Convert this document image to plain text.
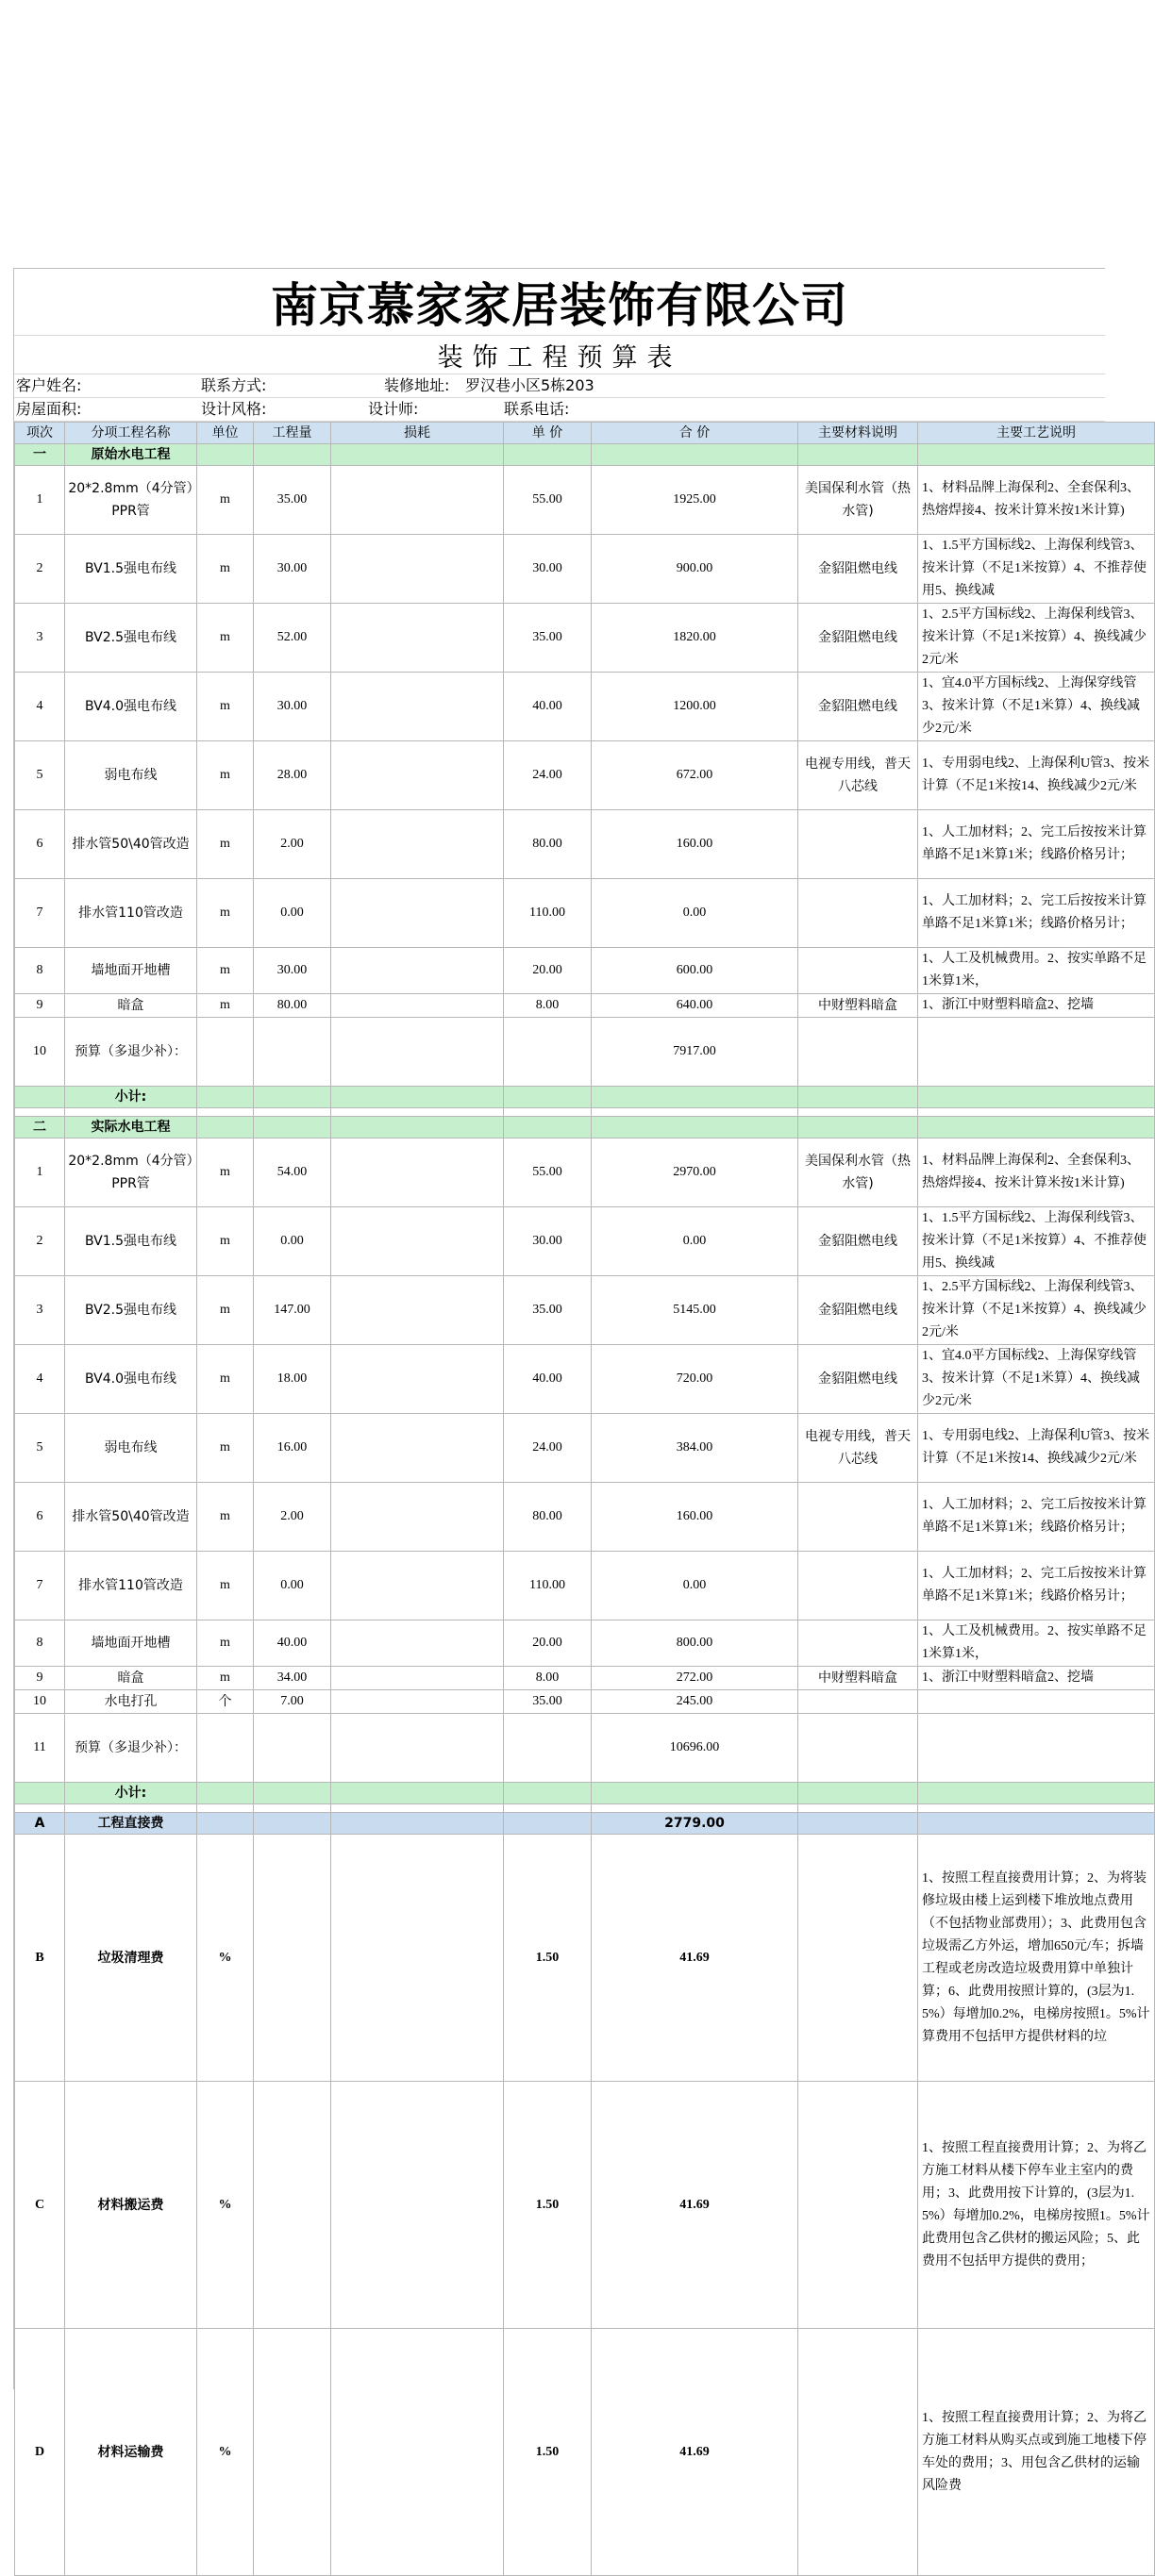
南京慕家家居装饰有限公司
装饰工程预算表
客户姓名:	联系方式:	装修地址: 罗汉巷小区5栋203
房屋面积:	设计风格:	设计师:	联系电话:
项次	分项工程名称	单位	工程量	损耗	单 价	合 价	主要材料说明	主要工艺说明
一	原始水电工程							
1	20*2.8mm（4分管）PPR管	m	35.00		55.00	1925.00	美国保利水管（热水管)	1、材料品牌上海保利2、全套保利3、热熔焊接4、按米计算米按1米计算)
2	BV1.5强电布线	m	30.00		30.00	900.00	金貂阻燃电线	1、1.5平方国标线2、上海保利线管3、按米计算（不足1米按算）4、不推荐使用5、换线减
3	BV2.5强电布线	m	52.00		35.00	1820.00	金貂阻燃电线	1、2.5平方国标线2、上海保利线管3、按米计算（不足1米按算）4、换线减少2元/米
4	BV4.0强电布线	m	30.00		40.00	1200.00	金貂阻燃电线	1、宜4.0平方国标线2、上海保穿线管3、按米计算（不足1米算）4、换线减少2元/米
5	弱电布线	m	28.00		24.00	672.00	电视专用线，普天八芯线	1、专用弱电线2、上海保利U管3、按米计算（不足1米按14、换线减少2元/米
6	排水管50\40管改造	m	2.00		80.00	160.00		1、人工加材料；2、完工后按按米计算单路不足1米算1米；线路价格另计；
7	排水管110管改造	m	0.00		110.00	0.00		1、人工加材料；2、完工后按按米计算单路不足1米算1米；线路价格另计；
8	墙地面开地槽	m	30.00		20.00	600.00		1、人工及机械费用。2、按实单路不足1米算1米，
9	暗盒	m	80.00		8.00	640.00	中财塑料暗盒	1、浙江中财塑料暗盒2、挖墙
10	预算（多退少补）：					7917.00		
	小计:							

二	实际水电工程							
1	20*2.8mm（4分管）PPR管	m	54.00		55.00	2970.00	美国保利水管（热水管)	1、材料品牌上海保利2、全套保利3、热熔焊接4、按米计算米按1米计算)
2	BV1.5强电布线	m	0.00		30.00	0.00	金貂阻燃电线	1、1.5平方国标线2、上海保利线管3、按米计算（不足1米按算）4、不推荐使用5、换线减
3	BV2.5强电布线	m	147.00		35.00	5145.00	金貂阻燃电线	1、2.5平方国标线2、上海保利线管3、按米计算（不足1米按算）4、换线减少2元/米
4	BV4.0强电布线	m	18.00		40.00	720.00	金貂阻燃电线	1、宜4.0平方国标线2、上海保穿线管3、按米计算（不足1米算）4、换线减少2元/米
5	弱电布线	m	16.00		24.00	384.00	电视专用线，普天八芯线	1、专用弱电线2、上海保利U管3、按米计算（不足1米按14、换线减少2元/米
6	排水管50\40管改造	m	2.00		80.00	160.00		1、人工加材料；2、完工后按按米计算单路不足1米算1米；线路价格另计；
7	排水管110管改造	m	0.00		110.00	0.00		1、人工加材料；2、完工后按按米计算单路不足1米算1米；线路价格另计；
8	墙地面开地槽	m	40.00		20.00	800.00		1、人工及机械费用。2、按实单路不足1米算1米，
9	暗盒	m	34.00		8.00	272.00	中财塑料暗盒	1、浙江中财塑料暗盒2、挖墙
10	水电打孔	个	7.00		35.00	245.00		
11	预算（多退少补）：					10696.00		
	小计:							

A	工程直接费					2779.00		
B	垃圾清理费	%			1.50	41.69		1、按照工程直接费用计算；2、为将装修垃圾由楼上运到楼下堆放地点费用（不包括物业部费用）；3、此费用包含垃圾需乙方外运，增加650元/车；拆墙工程或老房改造垃圾费用算中单独计算；6、此费用按照计算的，(3层为1.5%）每增加0.2%，电梯房按照1。5%计算费用不包括甲方提供材料的垃
C	材料搬运费	%			1.50	41.69		1、按照工程直接费用计算；2、为将乙方施工材料从楼下停车业主室内的费用；3、此费用按下计算的，(3层为1.5%）每增加0.2%，电梯房按照1。5%计此费用包含乙供材的搬运风险；5、此费用不包括甲方提供的费用；
D	材料运输费	%			1.50	41.69		1、按照工程直接费用计算；2、为将乙方施工材料从购买点或到施工地楼下停车处的费用；3、用包含乙供材的运输风险费
